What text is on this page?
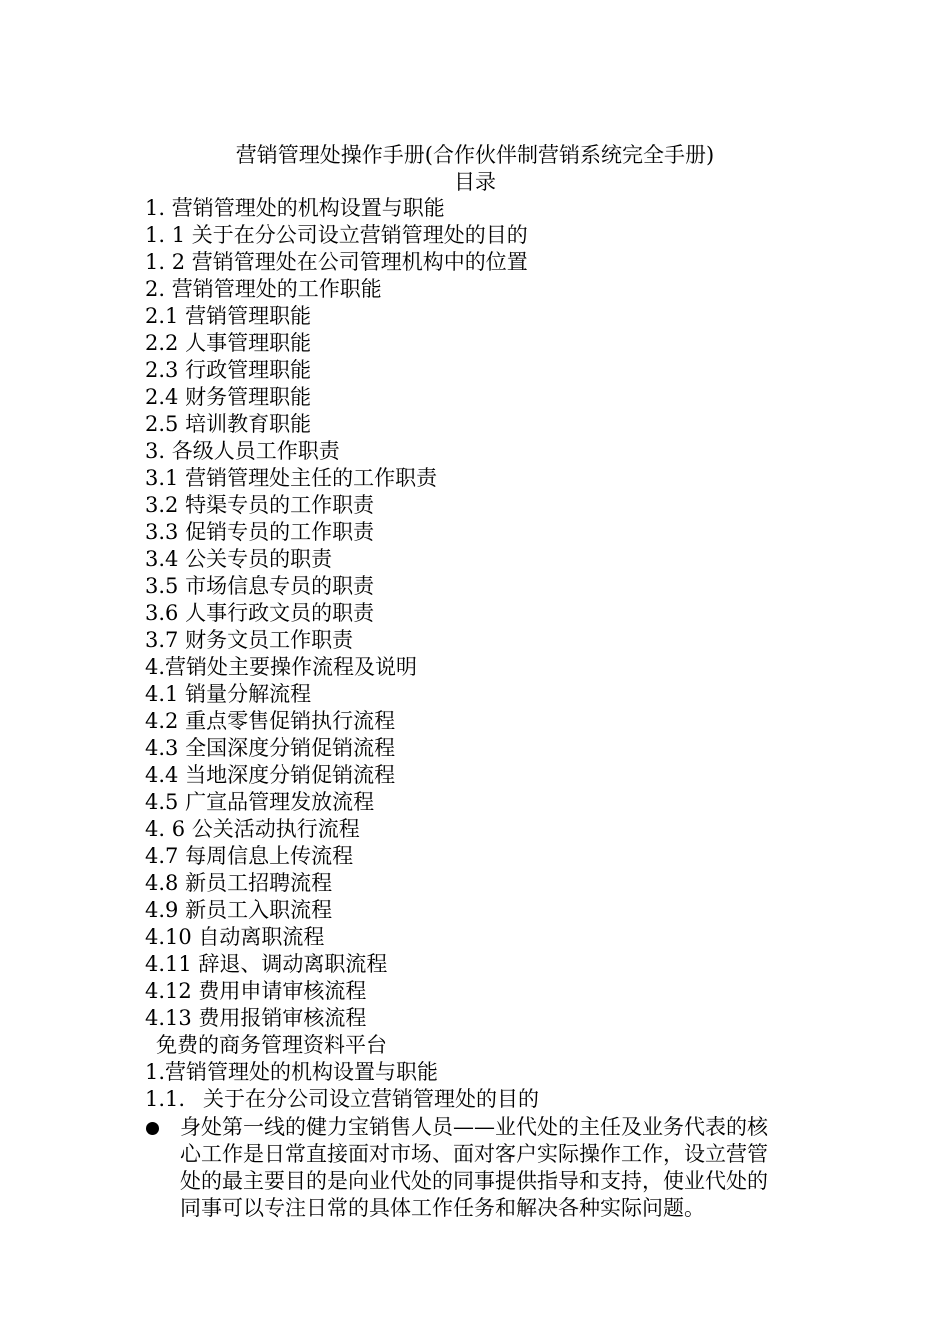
营销管理处操作手册(合作伙伴制营销系统完全手册)
目录
1. 营销管理处的机构设置与职能
1. 1 关于在分公司设立营销管理处的目的
1. 2 营销管理处在公司管理机构中的位置
2. 营销管理处的工作职能
2.1 营销管理职能
2.2 人事管理职能
2.3 行政管理职能
2.4 财务管理职能
2.5 培训教育职能
3. 各级人员工作职责
3.1 营销管理处主任的工作职责
3.2 特渠专员的工作职责
3.3 促销专员的工作职责
3.4 公关专员的职责
3.5 市场信息专员的职责
3.6 人事行政文员的职责
3.7 财务文员工作职责
4.营销处主要操作流程及说明
4.1 销量分解流程
4.2 重点零售促销执行流程
4.3 全国深度分销促销流程
4.4 当地深度分销促销流程
4.5 广宣品管理发放流程
4. 6 公关活动执行流程
4.7 每周信息上传流程
4.8 新员工招聘流程
4.9 新员工入职流程
4.10 自动离职流程
4.11 辞退、调动离职流程
4.12 费用申请审核流程
4.13 费用报销审核流程
免费的商务管理资料平台
1.营销管理处的机构设置与职能
1.1. 关于在分公司设立营销管理处的目的
身处第一线的健力宝销售人员——业代处的主任及业务代表的核
心工作是日常直接面对市场、面对客户实际操作工作，设立营管
处的最主要目的是向业代处的同事提供指导和支持，使业代处的
同事可以专注日常的具体工作任务和解决各种实际问题。
